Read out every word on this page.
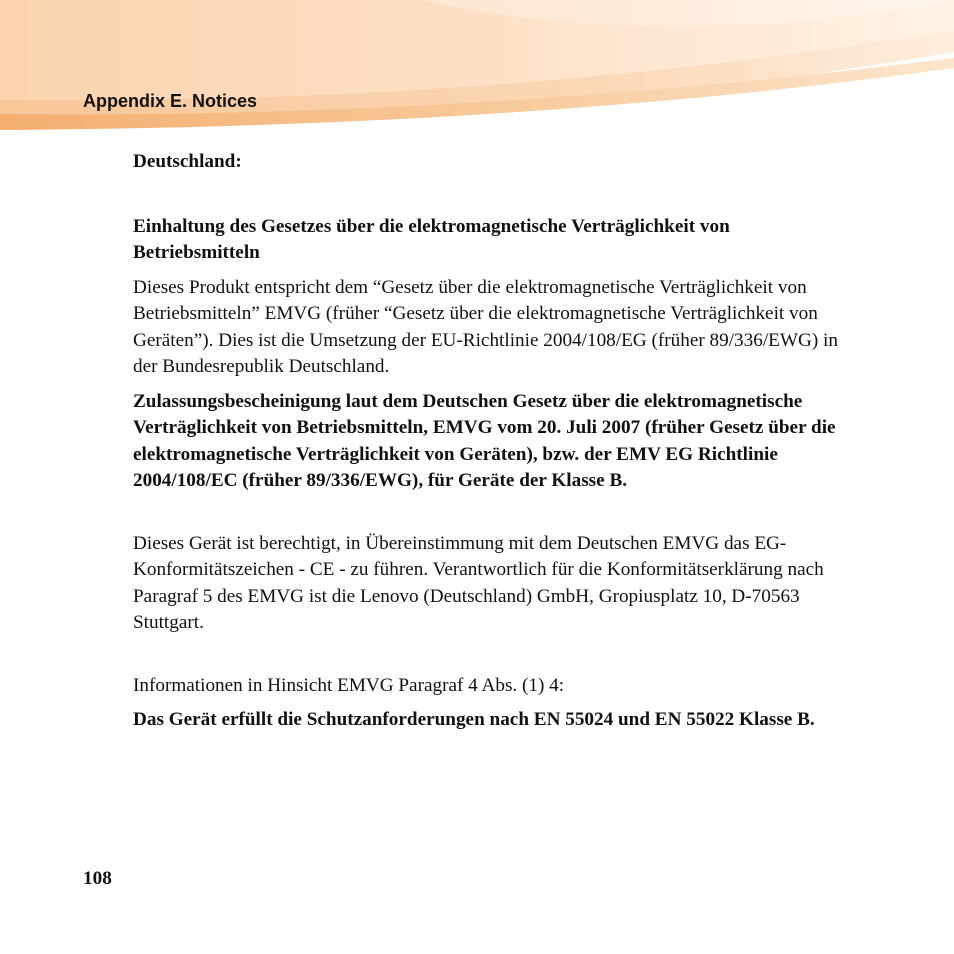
Appendix E. Notices

Deutschland:

Einhaltung des Gesetzes über die elektromagnetische Verträglichkeit von Betriebsmitteln

Dieses Produkt entspricht dem “Gesetz über die elektromagnetische Verträglichkeit von Betriebsmitteln” EMVG (früher “Gesetz über die elektromagnetische Verträglichkeit von Geräten”). Dies ist die Umsetzung der EU-Richtlinie 2004/108/EG (früher 89/336/EWG) in der Bundesrepublik Deutschland.

Zulassungsbescheinigung laut dem Deutschen Gesetz über die elektromagnetische Verträglichkeit von Betriebsmitteln, EMVG vom 20. Juli 2007 (früher Gesetz über die elektromagnetische Verträglichkeit von Geräten), bzw. der EMV EG Richtlinie 2004/108/EC (früher 89/336/EWG), für Geräte der Klasse B.

Dieses Gerät ist berechtigt, in Übereinstimmung mit dem Deutschen EMVG das EG-Konformitätszeichen - CE - zu führen. Verantwortlich für die Konformitätserklärung nach Paragraf 5 des EMVG ist die Lenovo (Deutschland) GmbH, Gropiusplatz 10, D-70563 Stuttgart.

Informationen in Hinsicht EMVG Paragraf 4 Abs. (1) 4:

Das Gerät erfüllt die Schutzanforderungen nach EN 55024 und EN 55022 Klasse B.

108
